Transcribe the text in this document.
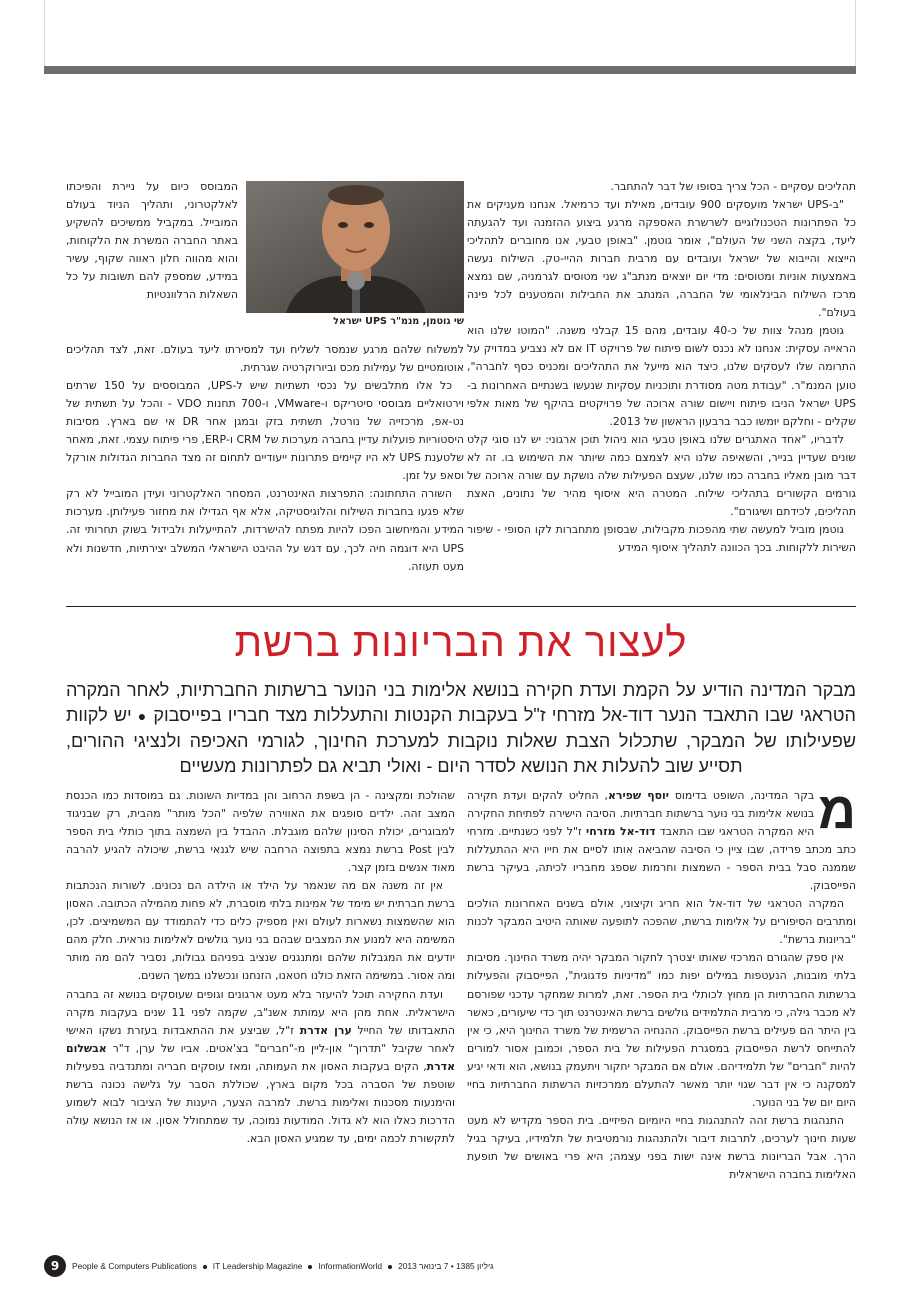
תהליכים עסקיים - הכל צריך בסופו של דבר להתחבר.

"ב-UPS ישראל מועסקים 900 עובדים, מאילת ועד כרמיאל. אנחנו מעניקים את כל הפתרונות הטכנולוגיים לשרשרת האספקה מרגע ביצוע ההזמנה ועד להגעתה ליעד, בקצה השני של העולם", אומר גוטמן. "באופן טבעי, אנו מחוברים לתהליכי הייצוא והייבוא של ישראל ועובדים עם מרבית חברות ההיי-טק. השילוח נעשה באמצעות אוניות ומטוסים: מדי יום יוצאים מנתב"ג שני מטוסים לגרמניה, שם נמצא מרכז השילוח הבינלאומי של החברה, המנתב את החבילות והמטענים לכל פינה בעולם".

גוטמן מנהל צוות של כ-40 עובדים, מהם 15 קבלני משנה. "המוטו שלנו הוא הראייה עסקית: אנחנו לא נכנס לשום פיתוח של פרויקט IT אם לא נצביע במדויק על התרומה שלו לעסקים שלנו, כיצד הוא מייעל את התהליכים ומכניס כסף לחברה", טוען המנמ"ר. "עבודת מטה מסודרת ותוכניות עסקיות שנעשו בשנתיים האחרונות ב-UPS ישראל הניבו פיתוח ויישום שורה ארוכה של פרויקטים בהיקף של מאות אלפי שקלים - וחלקם יוּמשו כבר ברבעון הראשון של 2013.

לדבריו, "אחד האתגרים שלנו באופן טבעי הוא ניהול תוכן ארגוני: יש לנו סוגי קלט שונים שעדיין בנייר, והשאיפה שלנו היא לצמצם כמה שיותר את השימוש בו. זה לא דבר מובן מאליו בחברה כמו שלנו, שעצם הפעילות שלה נושקת עם שורה ארוכה של גורמים הקשורים בתהליכי שילוח. המטרה היא איסוף מהיר של נתונים, האצת תהליכים, לכידתם ושיגורם".

גוטמן מוביל למעשה שתי מהפכות מקבילות, שבסופן מתחברות לקו הסופי - שיפור השירות ללקוחות. בכך הכוונה לתהליך איסוף המידע

שי גוטמן, מנמ"ר UPS ישראל

המבוסס כיום על ניירת והפיכתו לאלקטרוני, ותהליך הניוד בעולם המובייל. במקביל ממשיכים להשקיע באתר החברה המשרת את הלקוחות, והוא מהווה חלון ראווה שקוף, עשיר במידע, שמספק להם תשובות על כל השאלות הרלוונטיות

למשלוח שלהם מרגע שנמסר לשליח ועד למסירתו ליעד בעולם. זאת, לצד תהליכים אוטומטיים של עמילות מכס וביורוקרטיה שגרתית.

כל אלו מתלבשים על נכסי תשתיות שיש ל-UPS, המבוססים על 150 שרתים וירטואליים מבוססי סיטריקס ו-VMware, ו-700 תחנות VDO - והכל על תשתית של נט-אפ, מרכזייה של נורטל, תשתית בזק ובמגן אחר DR אי שם בארץ. מסיבות היסטוריות פועלות עדיין בחברה מערכות של CRM ו-ERP, פרי פיתוח עצמי. זאת, מאחר שלטענת UPS לא היו קיימים פתרונות ייעודיים לתחום זה מצד החברות הגדולות אורקל וסאפ על זמן.

השורה התחתונה: התפרצות האינטרנט, המסחר האלקטרוני ועידן המובייל לא רק שלא פגעו בחברות השילוח והלוגיסטיקה, אלא אף הגדילו את מחזור פעילותן. מערכות המידע והמיחשוב הפכו להיות מפתח להישרדות, להתייעלות ולבידול בשוק תחרותי זה. UPS היא דוגמה חיה לכך, עם דגש על ההיבט הישראלי המשלב יצירתיות, חדשנות ולא מעט תעוזה.

לעצור את הבריונות ברשת
מבקר המדינה הודיע על הקמת ועדת חקירה בנושא אלימות בני הנוער ברשתות החברתיות, לאחר המקרה הטראגי שבו התאבד הנער דוד-אל מזרחי ז"ל בעקבות הקנטות והתעללות מצד חבריו בפייסבוק ● יש לקוות שפעילותו של המבקר, שתכלול הצבת שאלות נוקבות למערכת החינוך, לגורמי האכיפה ולנציגי ההורים, תסייע שוב להעלות את הנושא לסדר היום - ואולי תביא גם לפתרונות מעשיים

מ
בקר המדינה, השופט בדימוס יוסף שפירא, החליט להקים ועדת חקירה בנושא אלימות בני נוער ברשתות חברתיות. הסיבה הישירה לפתיחת החקירה היא המקרה הטראגי שבו התאבד דוד-אל מזרחי ז"ל לפני כשנתיים. מזרחי כתב מכתב פרידה, שבו ציין כי הסיבה שהביאה אותו לסיים את חייו היא ההתעללות שממנה סבל בבית הספר - השמצות וחרמות שספג מחבריו לכיתה, בעיקר ברשת הפייסבוק.

המקרה הטראגי של דוד-אל הוא חריג וקיצוני, אולם בשנים האחרונות הולכים ומתרבים הסיפורים על אלימות ברשת, שהפכה לתופעה שאותה היטיב המבקר לכנות "בריונות ברשת".

אין ספק שהגורם המרכזי שאותו יצטרך לחקור המבקר יהיה משרד החינוך. מסיבות בלתי מובנות, הנעטפות במילים יפות כמו "מדיניות פדגוגית", הפייסבוק והפעילות ברשתות החברתיות הן מחוץ לכותלי בית הספר. זאת, למרות שמחקר עדכני שפורסם לא מכבר גילה, כי מרבית התלמידים גולשים ברשת האינטרנט תוך כדי שיעורים, כאשר בין היתר הם פעילים ברשת הפייסבוק. ההנחיה הרשמית של משרד החינוך היא, כי אין להתייחס לרשת הפייסבוק במסגרת הפעילות של בית הספר, וכמובן אסור למורים להיות "חברים" של תלמידיהם. אולם אם המבקר יחקור ויתעמק בנושא, הוא ודאי יגיע למסקנה כי אין דבר שגוי יותר מאשר להתעלם ממרכזיות הרשתות החברתיות בחיי היום יום של בני הנוער.

התנהגות ברשת זהה להתנהגות בחיי היומיום הפיזיים. בית הספר מקדיש לא מעט שעות חינוך לערכים, לתרבות דיבור ולהתנהגות נורמטיבית של תלמידיו, בעיקר בגיל הרך. אבל הבריונות ברשת אינה ישות בפני עצמה; היא פרי באושים של תופעת האלימות בחברה הישראלית

שהולכת ומקצינה - הן בשפת הרחוב והן במדיות השונות. גם במוסדות כמו הכנסת המצב זהה. ילדים סופגים את האווירה שלפיה "הכל מותר" מהבית, רק שבניגוד למבוגרים, יכולת הסינון שלהם מוגבלת. ההבדל בין השמצה בתוך כותלי בית הספר לבין Post ברשת נמצא בתפוצה הרחבה שיש לגנאי ברשת, שיכולה להגיע להרבה מאוד אנשים בזמן קצר.

אין זה משנה אם מה שנאמר על הילד או הילדה הם נכונים. לשורות הנכתבות ברשת חברתית יש מימד של אמינות בלתי מוסברת, לא פחות מהמילה הכתובה. האסון הוא שהשמצות נשארות לעולם ואין מספיק כלים כדי להתמודד עם המשמיצים. לכן, המשימה היא למנוע את המצבים שבהם בני נוער גולשים לאלימות נוראית. חלק מהם יודעים את המגבלות שלהם ומתנגנים שנציב בפניהם גבולות, נסביר להם מה מותר ומה אסור. במשימה הזאת כולנו חטאנו, הזנחנו ונכשלנו במשך השנים.

ועדת החקירה תוכל להיעזר בלא מעט ארגונים וגופים שעוסקים בנושא זה בחברה הישראלית. אחת מהן היא עמותת אשנ"ב, שקמה לפני 11 שנים בעקבות מקרה התאבדותו של החייל ערן אדרת ז"ל, שביצע את ההתאבדות בעזרת נשקו האישי לאחר שקיבל "תדרוך" און-ליין מ-"חברים" בצ'אטים. אביו של ערן, ד"ר אבשלום אדרת, הקים בעקבות האסון את העמותה, ומאז עוסקים חבריה ומתנדביה בפעילות שוטפת של הסברה בכל מקום בארץ, שכוללת הסבר על גלישה נכונה ברשת והימנעות מסכנות ואלימות ברשת. למרבה הצער, היענות של הציבור לבוא לשמוע הדרכות כאלו הוא לא גדול. המודעות נמוכה, עד שמתחולל אסון. או אז הנושא עולה לתקשורת לכמה ימים, עד שמגיע האסון הבא.

9	People & Computers Publications IT Leadership Magazine InformationWorld גיליון 1385 • 7 בינואר 2013
